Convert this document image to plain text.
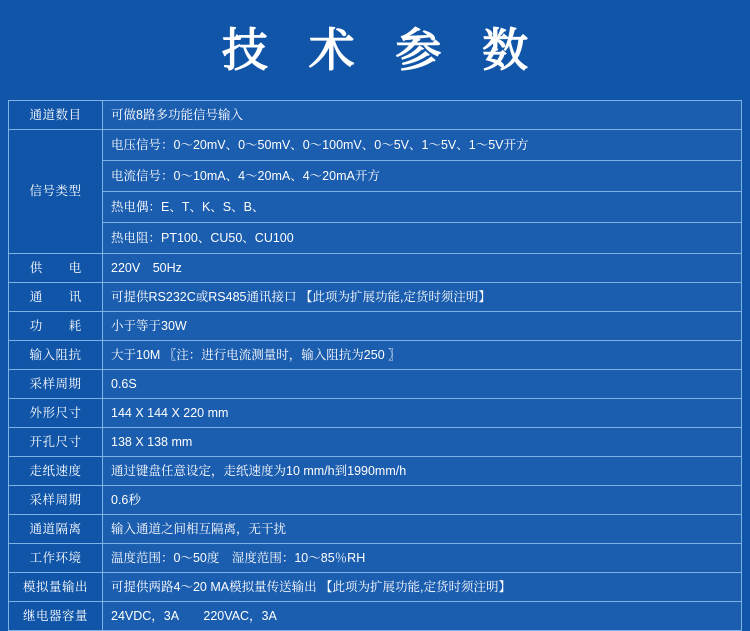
技 术 参 数
通道数目	可做8路多功能信号输入
信号类型	电压信号：0～20mV、0～50mV、0～100mV、0～5V、1～5V、1～5V开方
	电流信号：0～10mA、4～20mA、4～20mA开方
	热电偶：E、T、K、S、B、
	热电阻：PT100、CU50、CU100
供　电	220V　50Hz
通　讯	可提供RS232C或RS485通讯接口 【此项为扩展功能,定货时须注明】
功　耗	小于等于30W
输入阻抗	大于10M 〖注：进行电流测量时，输入阻抗为250 〗
采样周期	0.6S
外形尺寸	144 X 144 X 220 mm
开孔尺寸	138 X 138 mm
走纸速度	通过键盘任意设定，走纸速度为10 mm/h到1990mm/h
采样周期	0.6秒
通道隔离	输入通道之间相互隔离，无干扰
工作环境	温度范围：0～50度　湿度范围：10～85％RH
模拟量输出	可提供两路4～20 MA模拟量传送输出 【此项为扩展功能,定货时须注明】
继电器容量	24VDC，3A　　220VAC，3A
